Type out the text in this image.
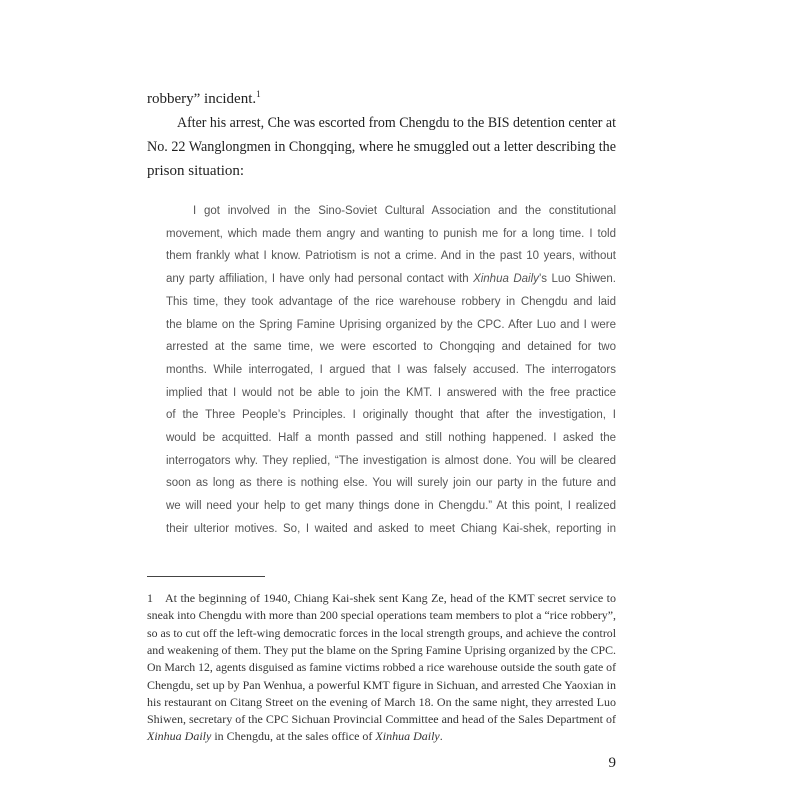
robbery” incident.$^1$
After his arrest, Che was escorted from Chengdu to the BIS detention center at
No. 22 Wanglongmen in Chongqing, where he smuggled out a letter describing the
prison situation:
I got involved in the Sino-Soviet Cultural Association and the constitutional
movement, which made them angry and wanting to punish me for a long time. I told
them frankly what I know. Patriotism is not a crime. And in the past 10 years, without
any party affiliation, I have only had personal contact with Xinhua Daily’s Luo Shiwen.
This time, they took advantage of the rice warehouse robbery in Chengdu and laid
the blame on the Spring Famine Uprising organized by the CPC. After Luo and I were
arrested at the same time, we were escorted to Chongqing and detained for two
months. While interrogated, I argued that I was falsely accused. The interrogators
implied that I would not be able to join the KMT. I answered with the free practice
of the Three People’s Principles. I originally thought that after the investigation, I
would be acquitted. Half a month passed and still nothing happened. I asked the
interrogators why. They replied, “The investigation is almost done. You will be cleared
soon as long as there is nothing else. You will surely join our party in the future and
we will need your help to get many things done in Chengdu.” At this point, I realized
their ulterior motives. So, I waited and asked to meet Chiang Kai-shek, reporting in
1 At the beginning of 1940, Chiang Kai-shek sent Kang Ze, head of the KMT secret service to
sneak into Chengdu with more than 200 special operations team members to plot a “rice robbery”,
so as to cut off the left-wing democratic forces in the local strength groups, and achieve the control
and weakening of them. They put the blame on the Spring Famine Uprising organized by the CPC.
On March 12, agents disguised as famine victims robbed a rice warehouse outside the south gate of
Chengdu, set up by Pan Wenhua, a powerful KMT figure in Sichuan, and arrested Che Yaoxian in
his restaurant on Citang Street on the evening of March 18. On the same night, they arrested Luo
Shiwen, secretary of the CPC Sichuan Provincial Committee and head of the Sales Department of
Xinhua Daily in Chengdu, at the sales office of Xinhua Daily.
9
